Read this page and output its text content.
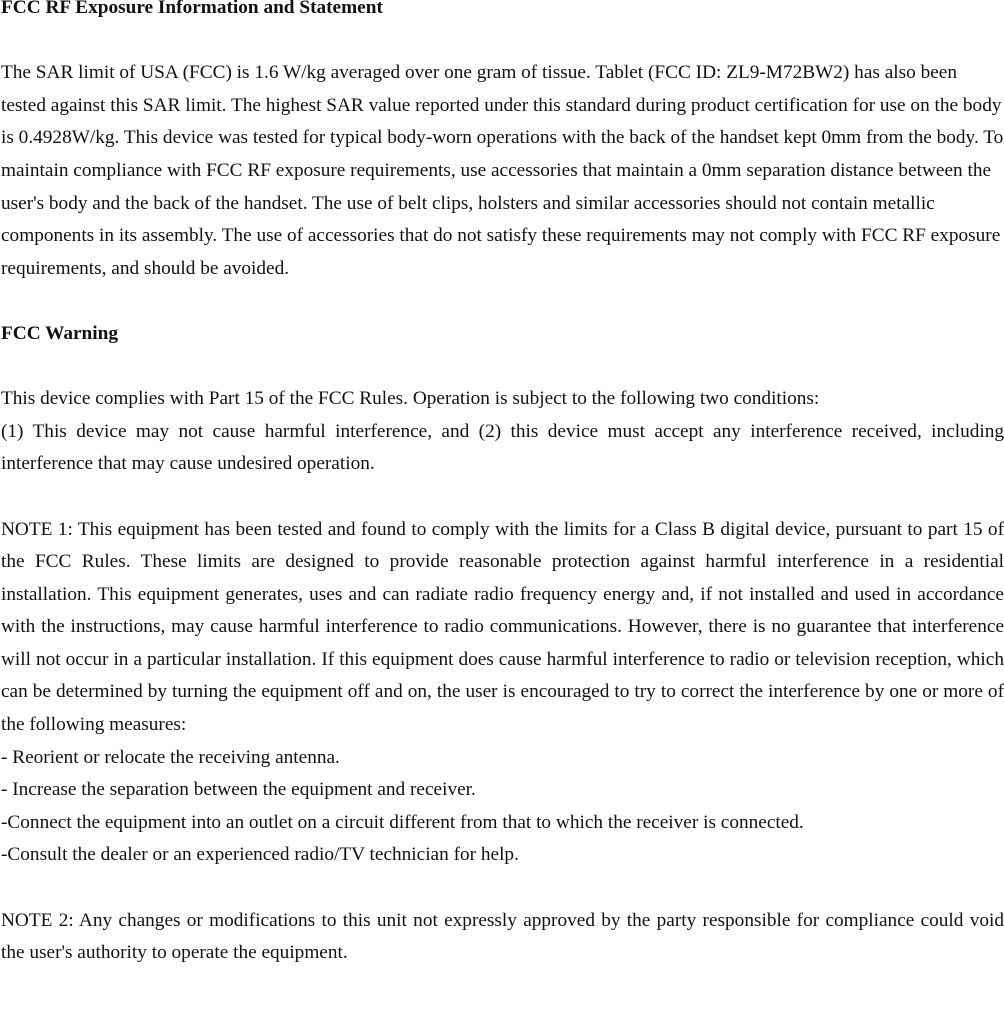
FCC RF Exposure Information and Statement

The SAR limit of USA (FCC) is 1.6 W/kg averaged over one gram of tissue. Tablet (FCC ID: ZL9-M72BW2) has also been tested against this SAR limit. The highest SAR value reported under this standard during product certification for use on the body is 0.4928W/kg. This device was tested for typical body-worn operations with the back of the handset kept 0mm from the body. To maintain compliance with FCC RF exposure requirements, use accessories that maintain a 0mm separation distance between the user's body and the back of the handset. The use of belt clips, holsters and similar accessories should not contain metallic components in its assembly. The use of accessories that do not satisfy these requirements may not comply with FCC RF exposure requirements, and should be avoided.

FCC Warning

This device complies with Part 15 of the FCC Rules. Operation is subject to the following two conditions:

(1) This device may not cause harmful interference, and (2) this device must accept any interference received, including interference that may cause undesired operation.

NOTE 1: This equipment has been tested and found to comply with the limits for a Class B digital device, pursuant to part 15 of the FCC Rules. These limits are designed to provide reasonable protection against harmful interference in a residential installation. This equipment generates, uses and can radiate radio frequency energy and, if not installed and used in accordance with the instructions, may cause harmful interference to radio communications. However, there is no guarantee that interference will not occur in a particular installation. If this equipment does cause harmful interference to radio or television reception, which can be determined by turning the equipment off and on, the user is encouraged to try to correct the interference by one or more of the following measures:

- Reorient or relocate the receiving antenna.

- Increase the separation between the equipment and receiver.

-Connect the equipment into an outlet on a circuit different from that to which the receiver is connected.

-Consult the dealer or an experienced radio/TV technician for help.

NOTE 2: Any changes or modifications to this unit not expressly approved by the party responsible for compliance could void the user's authority to operate the equipment.
